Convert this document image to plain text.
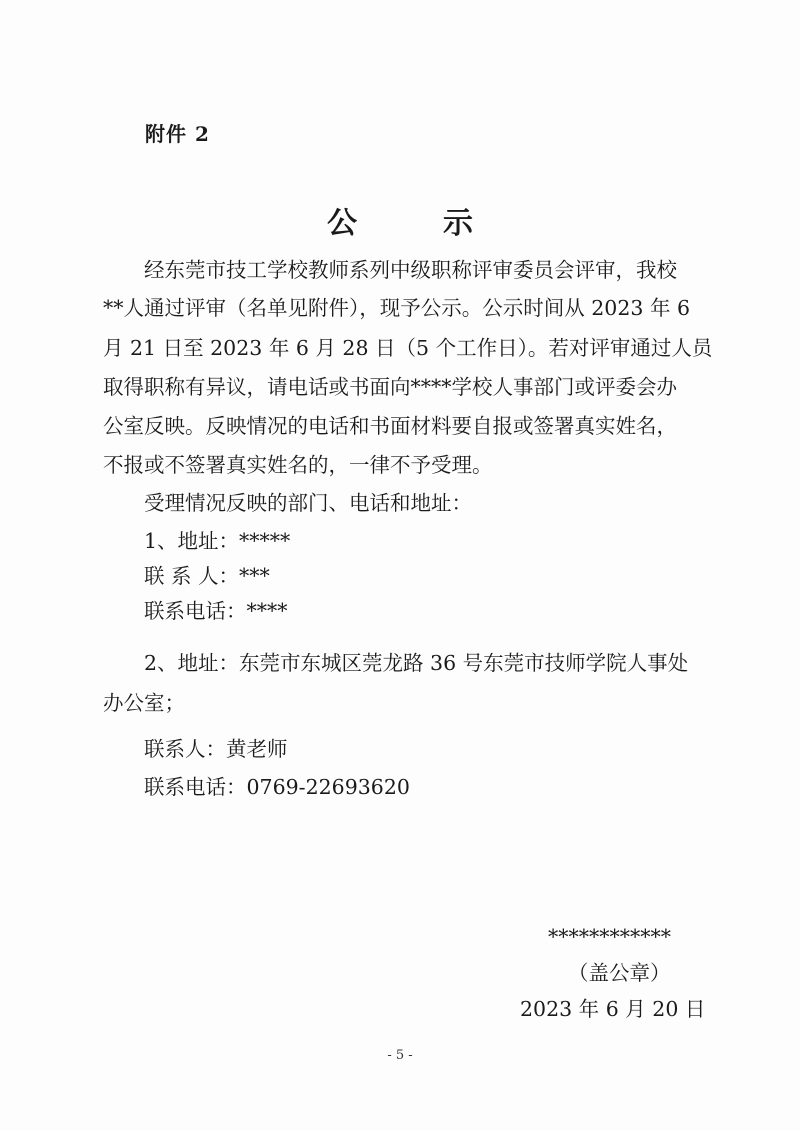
附件 2
公　示
经东莞市技工学校教师系列中级职称评审委员会评审，我校
**人通过评审（名单见附件），现予公示。公示时间从 2023 年 6
月 21 日至 2023 年 6 月 28 日（5 个工作日）。若对评审通过人员
取得职称有异议，请电话或书面向****学校人事部门或评委会办
公室反映。反映情况的电话和书面材料要自报或签署真实姓名，
不报或不签署真实姓名的，一律不予受理。
受理情况反映的部门、电话和地址：
1、地址：*****
联 系 人：***
联系电话：****
2、地址：东莞市东城区莞龙路 36 号东莞市技师学院人事处
办公室；
联系人：黄老师
联系电话：0769-22693620
************
（盖公章）
2023 年 6 月 20 日
- 5 -
